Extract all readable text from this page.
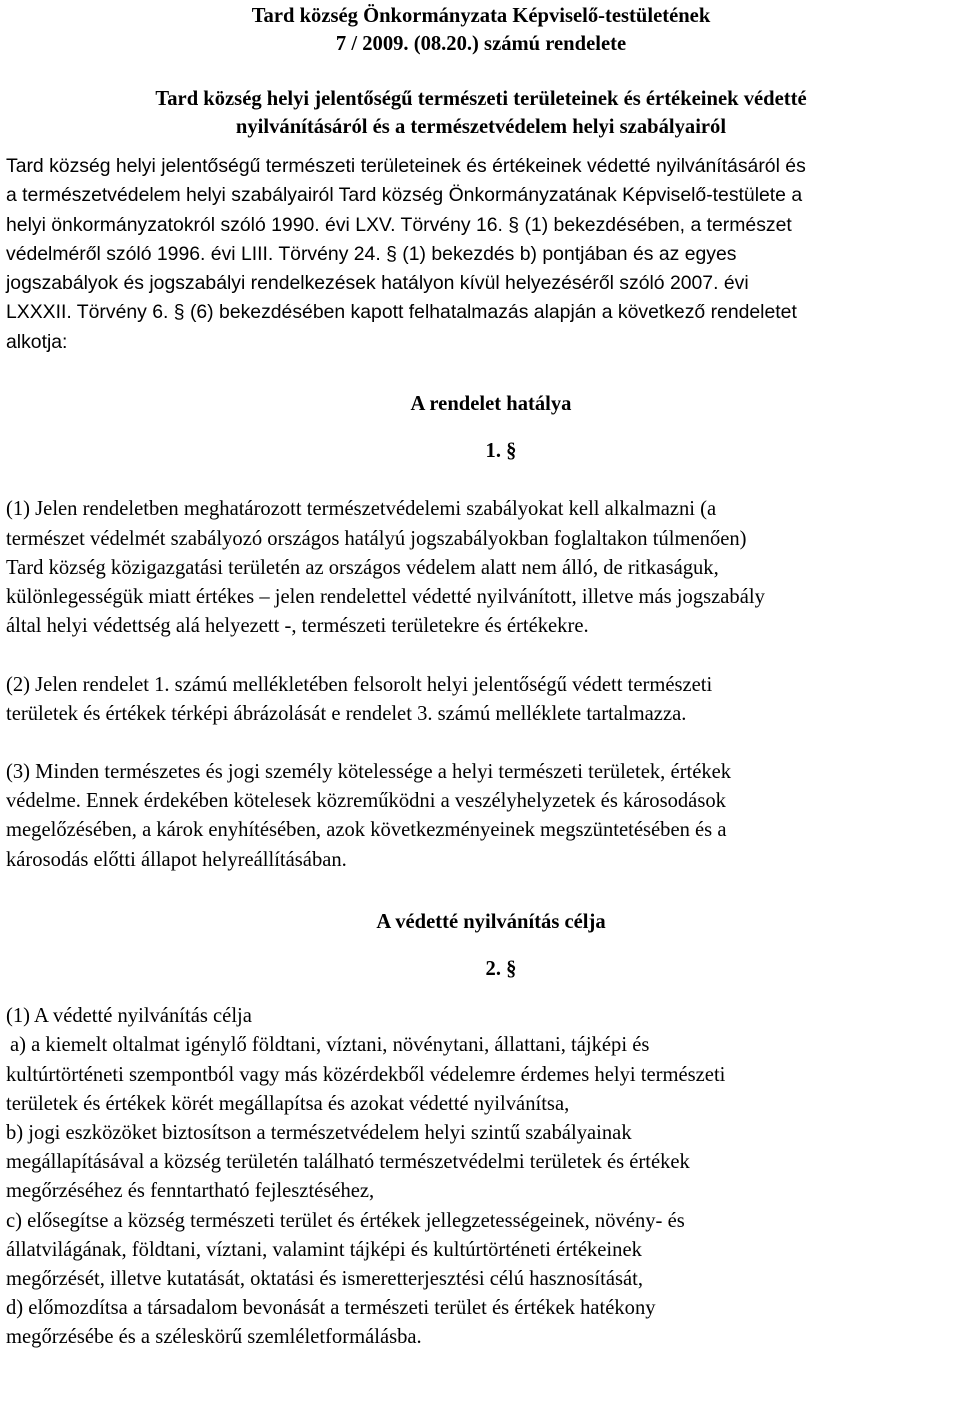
Tard község Önkormányzata Képviselő-testületének
7 / 2009. (08.20.) számú rendelete
Tard község helyi jelentőségű természeti területeinek és értékeinek védetté
nyilvánításáról és a természetvédelem helyi szabályairól
Tard község helyi jelentőségű természeti területeinek és értékeinek védetté nyilvánításáról és
a természetvédelem helyi szabályairól Tard község Önkormányzatának Képviselő-testülete a
helyi önkormányzatokról szóló 1990. évi LXV. Törvény 16. § (1) bekezdésében, a természet
védelméről szóló 1996. évi LIII. Törvény 24. § (1) bekezdés b) pontjában és az egyes
jogszabályok és jogszabályi rendelkezések hatályon kívül helyezéséről szóló 2007. évi
LXXXII. Törvény 6. § (6) bekezdésében kapott felhatalmazás alapján a következő rendeletet
alkotja:
A rendelet hatálya
1. §
(1) Jelen rendeletben meghatározott természetvédelemi szabályokat kell alkalmazni (a
természet védelmét szabályozó országos hatályú jogszabályokban foglaltakon túlmenően)
Tard község közigazgatási területén az országos védelem alatt nem álló, de ritkaságuk,
különlegességük miatt értékes – jelen rendelettel védetté nyilvánított, illetve más jogszabály
által helyi védettség alá helyezett -, természeti területekre és értékekre.
(2) Jelen rendelet 1. számú mellékletében felsorolt helyi jelentőségű védett természeti
területek és értékek térképi ábrázolását e rendelet 3. számú melléklete tartalmazza.
(3) Minden természetes és jogi személy kötelessége a helyi természeti területek, értékek
védelme. Ennek érdekében kötelesek közreműködni a veszélyhelyzetek és károsodások
megelőzésében, a károk enyhítésében, azok következményeinek megszüntetésében és a
károsodás előtti állapot helyreállításában.
A védetté nyilvánítás célja
2. §
(1) A védetté nyilvánítás célja
a) a kiemelt oltalmat igénylő földtani, víztani, növénytani, állattani, tájképi és
kultúrtörténeti szempontból vagy más közérdekből védelemre érdemes helyi természeti
területek és értékek körét megállapítsa és azokat védetté nyilvánítsa,
b) jogi eszközöket biztosítson a természetvédelem helyi szintű szabályainak
megállapításával a község területén található természetvédelmi területek és értékek
megőrzéséhez és fenntartható fejlesztéséhez,
c) elősegítse a község természeti terület és értékek jellegzetességeinek, növény- és
állatvilágának, földtani, víztani, valamint tájképi és kultúrtörténeti értékeinek
megőrzését, illetve kutatását, oktatási és ismeretterjesztési célú hasznosítását,
d) előmozdítsa a társadalom bevonását a természeti terület és értékek hatékony
megőrzésébe és a széleskörű szemléletformálásba.
